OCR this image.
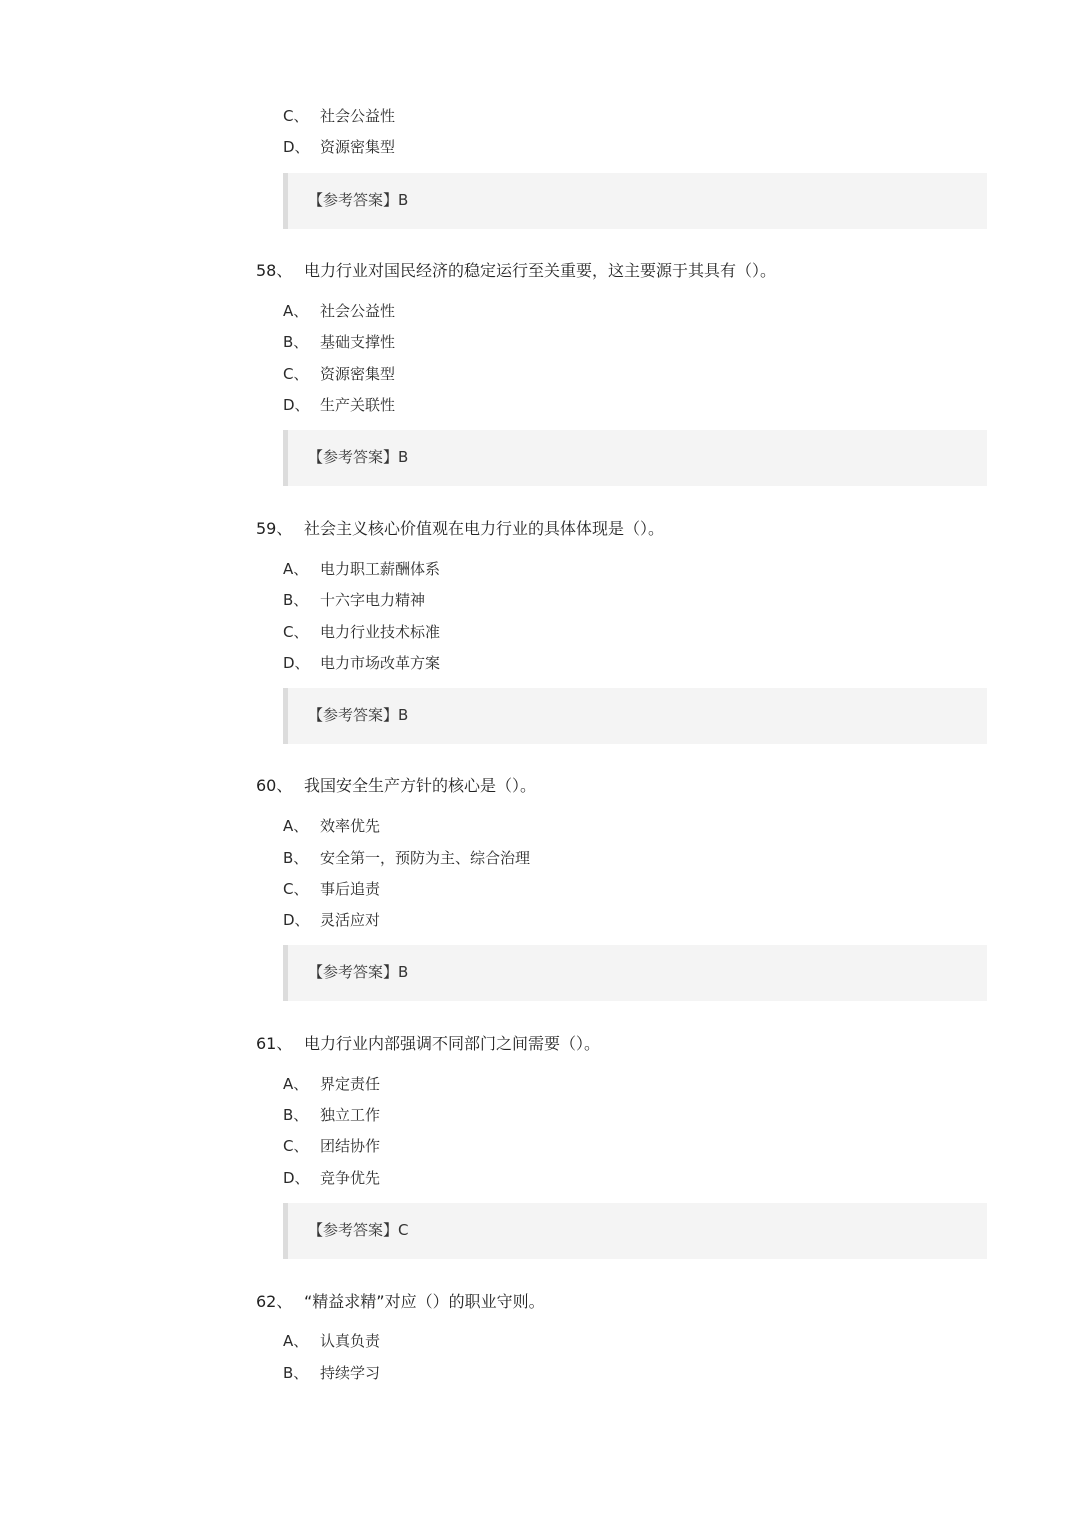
C、 社会公益性
D、 资源密集型
【参考答案】B
58、 电力行业对国民经济的稳定运行至关重要，这主要源于其具有（）。
A、 社会公益性
B、 基础支撑性
C、 资源密集型
D、 生产关联性
【参考答案】B
59、 社会主义核心价值观在电力行业的具体体现是（）。
A、 电力职工薪酬体系
B、 十六字电力精神
C、 电力行业技术标准
D、 电力市场改革方案
【参考答案】B
60、 我国安全生产方针的核心是（）。
A、 效率优先
B、 安全第一，预防为主、综合治理
C、 事后追责
D、 灵活应对
【参考答案】B
61、 电力行业内部强调不同部门之间需要（）。
A、 界定责任
B、 独立工作
C、 团结协作
D、 竞争优先
【参考答案】C
62、 “精益求精”对应（）的职业守则。
A、 认真负责
B、 持续学习
